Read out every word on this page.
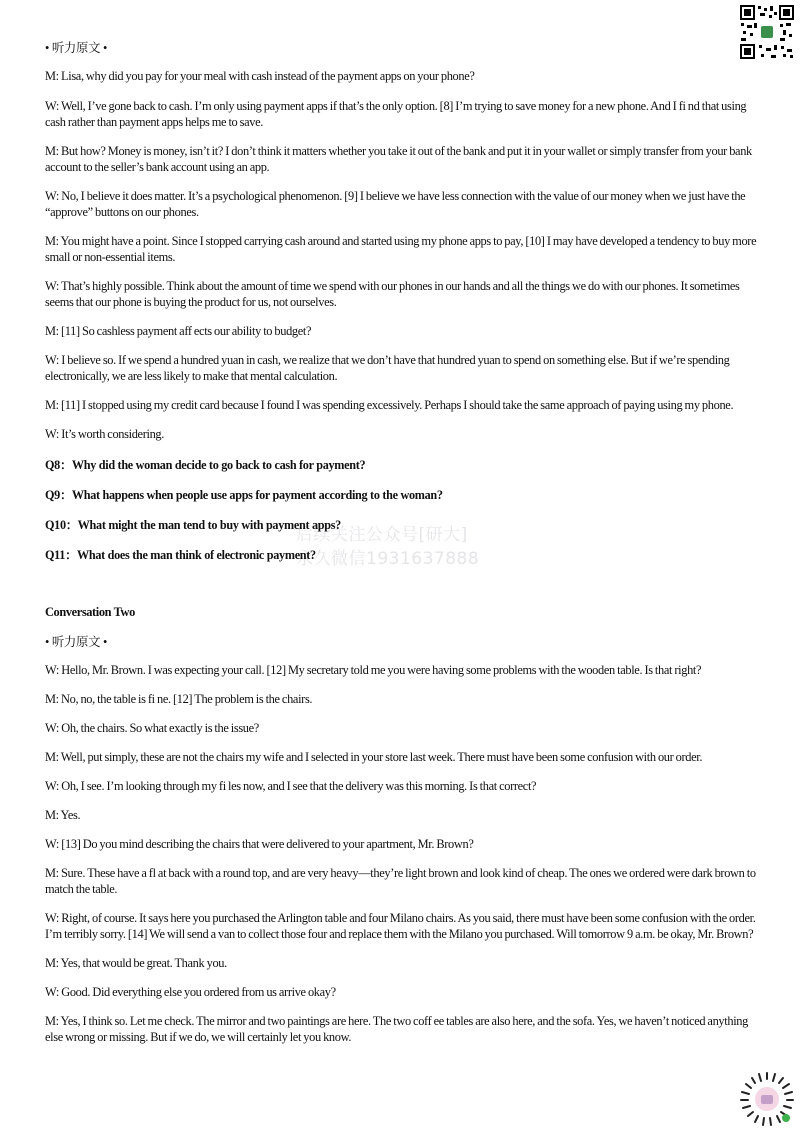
后续关注公众号[研大]
永久微信1931637888

• 听力原文 •

M: Lisa, why did you pay for your meal with cash instead of the payment apps on your phone?

W: Well, I’ve gone back to cash. I’m only using payment apps if that’s the only option. [8] I’m trying to save money for a new phone. And I fi nd that using cash rather than payment apps helps me to save.

M: But how? Money is money, isn’t it? I don’t think it matters whether you take it out of the bank and put it in your wallet or simply transfer from your bank account to the seller’s bank account using an app.

W: No, I believe it does matter. It’s a psychological phenomenon. [9] I believe we have less connection with the value of our money when we just have the “approve” buttons on our phones.

M: You might have a point. Since I stopped carrying cash around and started using my phone apps to pay, [10] I may have developed a tendency to buy more small or non-essential items.

W: That’s highly possible. Think about the amount of time we spend with our phones in our hands and all the things we do with our phones. It sometimes seems that our phone is buying the product for us, not ourselves.

M: [11] So cashless payment aff ects our ability to budget?

W: I believe so. If we spend a hundred yuan in cash, we realize that we don’t have that hundred yuan to spend on something else. But if we’re spending electronically, we are less likely to make that mental calculation.

M: [11] I stopped using my credit card because I found I was spending excessively. Perhaps I should take the same approach of paying using my phone.

W: It’s worth considering.

Q8：Why did the woman decide to go back to cash for payment?

Q9：What happens when people use apps for payment according to the woman?

Q10：What might the man tend to buy with payment apps?

Q11：What does the man think of electronic payment?

Conversation Two

• 听力原文 •

W: Hello, Mr. Brown. I was expecting your call. [12] My secretary told me you were having some problems with the wooden table. Is that right?

M: No, no, the table is fi ne. [12] The problem is the chairs.

W: Oh, the chairs. So what exactly is the issue?

M: Well, put simply, these are not the chairs my wife and I selected in your store last week. There must have been some confusion with our order.

W: Oh, I see. I’m looking through my fi les now, and I see that the delivery was this morning. Is that correct?

M: Yes.

W: [13] Do you mind describing the chairs that were delivered to your apartment, Mr. Brown?

M: Sure. These have a fl at back with a round top, and are very heavy—they’re light brown and look kind of cheap. The ones we ordered were dark brown to match the table.

W: Right, of course. It says here you purchased the Arlington table and four Milano chairs. As you said, there must have been some confusion with the order. I’m terribly sorry. [14] We will send a van to collect those four and replace them with the Milano you purchased. Will tomorrow 9 a.m. be okay, Mr. Brown?

M: Yes, that would be great. Thank you.

W: Good. Did everything else you ordered from us arrive okay?

M: Yes, I think so. Let me check. The mirror and two paintings are here. The two coff ee tables are also here, and the sofa. Yes, we haven’t noticed anything else wrong or missing. But if we do, we will certainly let you know.
